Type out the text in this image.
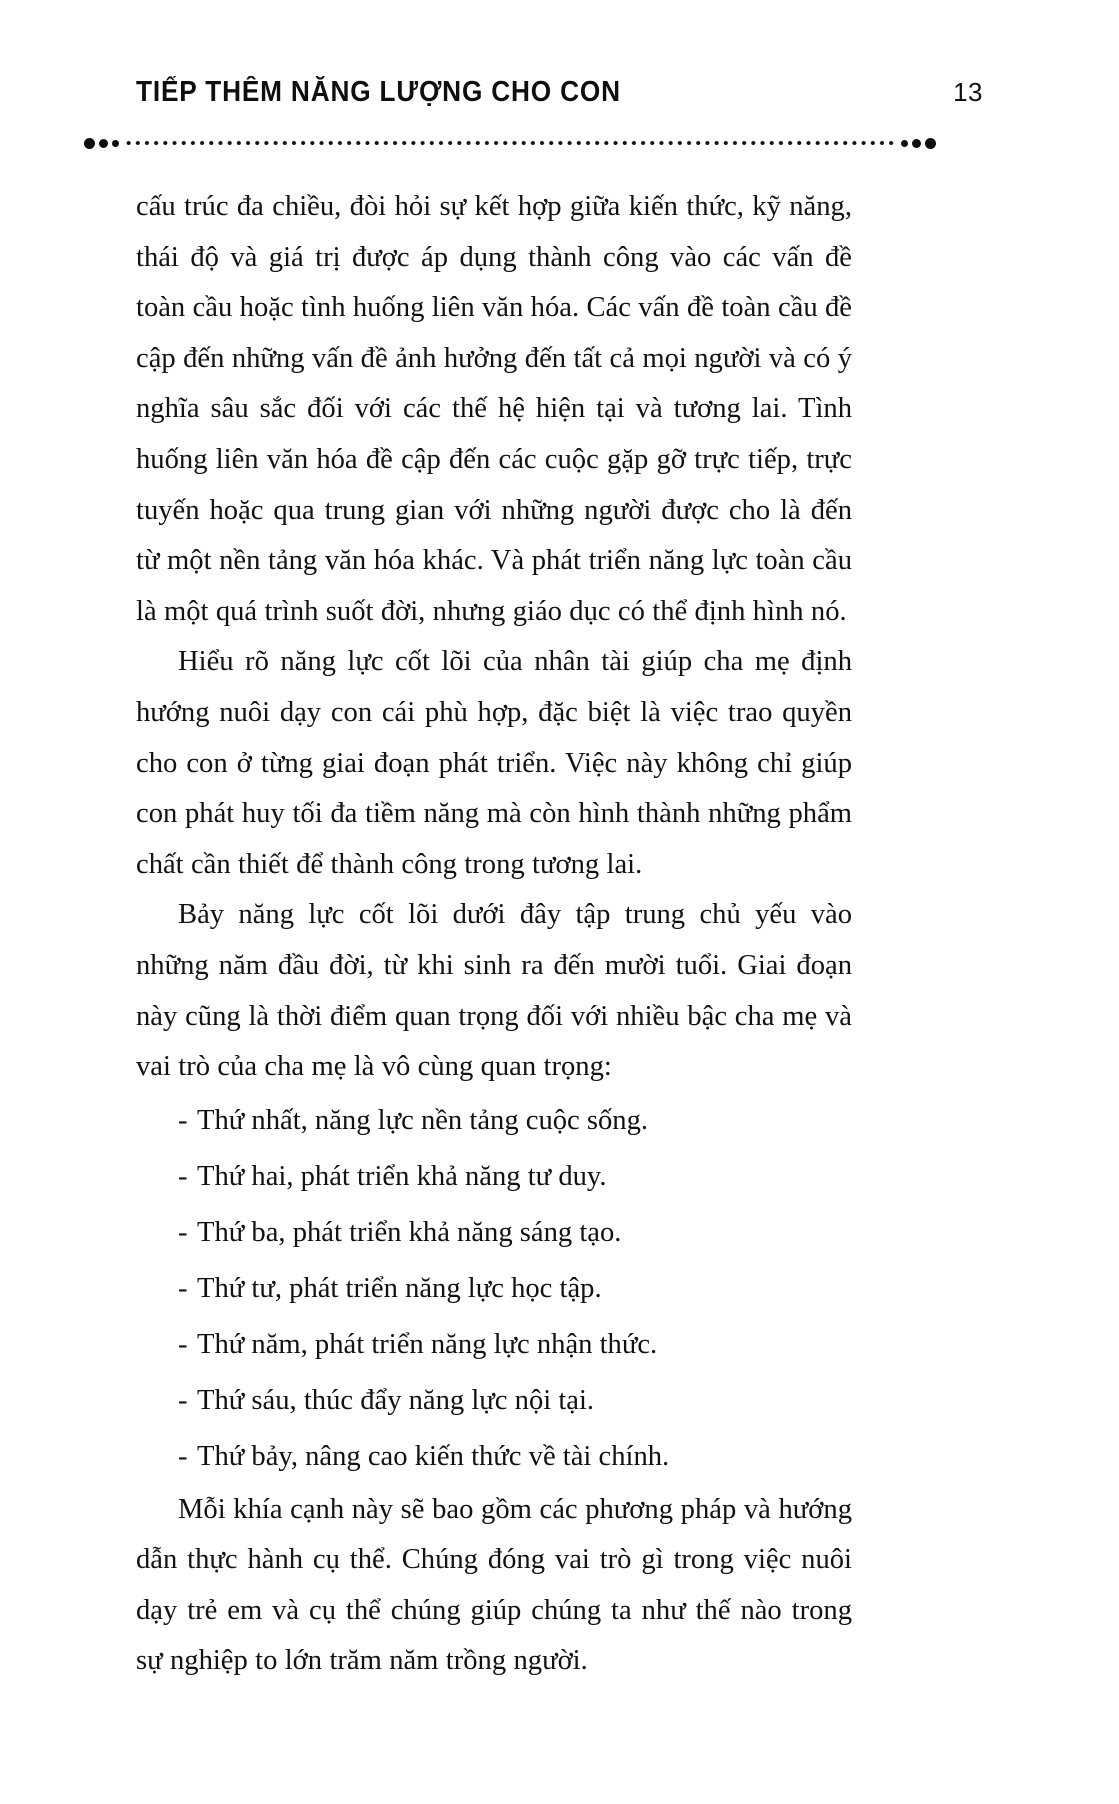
TIẾP THÊM NĂNG LƯỢNG CHO CON	13

cấu trúc đa chiều, đòi hỏi sự kết hợp giữa kiến thức, kỹ năng, thái độ và giá trị được áp dụng thành công vào các vấn đề toàn cầu hoặc tình huống liên văn hóa. Các vấn đề toàn cầu đề cập đến những vấn đề ảnh hưởng đến tất cả mọi người và có ý nghĩa sâu sắc đối với các thế hệ hiện tại và tương lai. Tình huống liên văn hóa đề cập đến các cuộc gặp gỡ trực tiếp, trực tuyến hoặc qua trung gian với những người được cho là đến từ một nền tảng văn hóa khác. Và phát triển năng lực toàn cầu là một quá trình suốt đời, nhưng giáo dục có thể định hình nó.

Hiểu rõ năng lực cốt lõi của nhân tài giúp cha mẹ định hướng nuôi dạy con cái phù hợp, đặc biệt là việc trao quyền cho con ở từng giai đoạn phát triển. Việc này không chỉ giúp con phát huy tối đa tiềm năng mà còn hình thành những phẩm chất cần thiết để thành công trong tương lai.

Bảy năng lực cốt lõi dưới đây tập trung chủ yếu vào những năm đầu đời, từ khi sinh ra đến mười tuổi. Giai đoạn này cũng là thời điểm quan trọng đối với nhiều bậc cha mẹ và vai trò của cha mẹ là vô cùng quan trọng:

- Thứ nhất, năng lực nền tảng cuộc sống.
- Thứ hai, phát triển khả năng tư duy.
- Thứ ba, phát triển khả năng sáng tạo.
- Thứ tư, phát triển năng lực học tập.
- Thứ năm, phát triển năng lực nhận thức.
- Thứ sáu, thúc đẩy năng lực nội tại.
- Thứ bảy, nâng cao kiến thức về tài chính.

Mỗi khía cạnh này sẽ bao gồm các phương pháp và hướng dẫn thực hành cụ thể. Chúng đóng vai trò gì trong việc nuôi dạy trẻ em và cụ thể chúng giúp chúng ta như thế nào trong sự nghiệp to lớn trăm năm trồng người.
